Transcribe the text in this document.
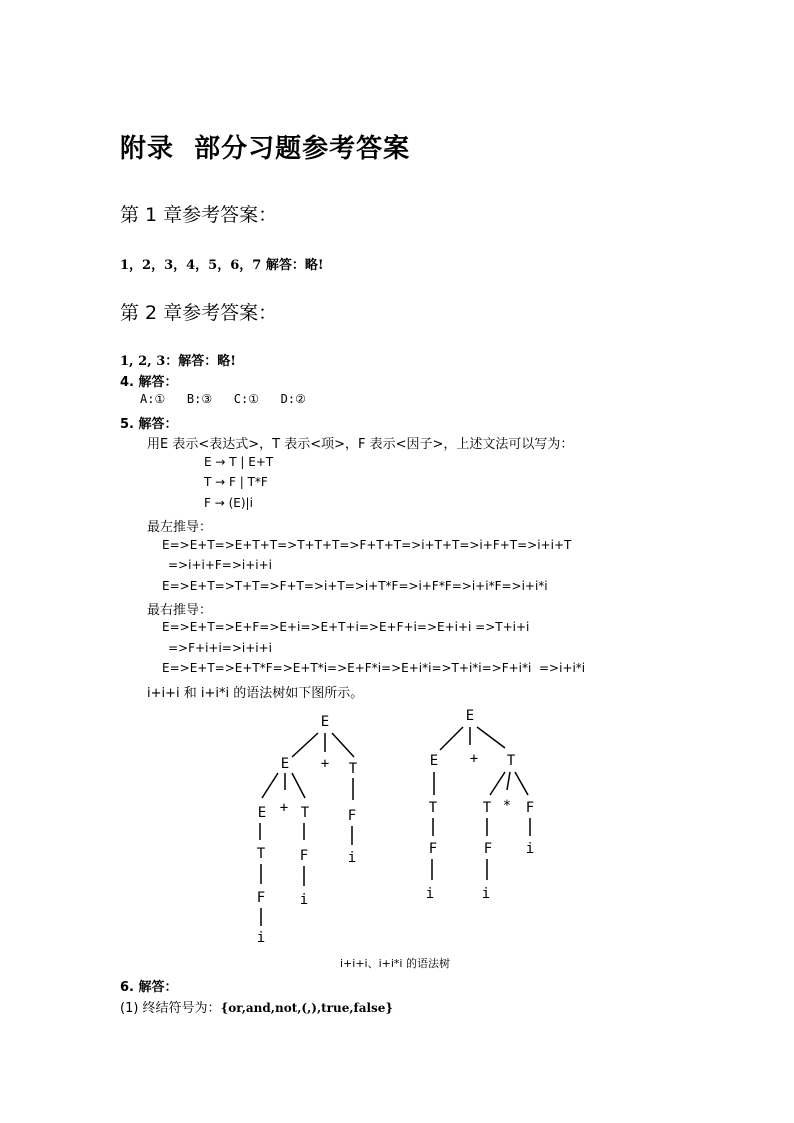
附录  部分习题参考答案
第 1 章参考答案：
1，2，3，4，5，6，7 解答：略!
第 2 章参考答案：
1, 2, 3：解答：略!
4. 解答：
A:①   B:③   C:①   D:②
5. 解答：
用E 表示<表达式>，T 表示<项>，F 表示<因子>，上述文法可以写为：
E → T | E+T
T → F | T*F
F → (E)|i
最左推导：
E=>E+T=>E+T+T=>T+T+T=>F+T+T=>i+T+T=>i+F+T=>i+i+T
=>i+i+F=>i+i+i
E=>E+T=>T+T=>F+T=>i+T=>i+T*F=>i+F*F=>i+i*F=>i+i*i
最右推导：
E=>E+T=>E+F=>E+i=>E+T+i=>E+F+i=>E+i+i =>T+i+i
=>F+i+i=>i+i+i
E=>E+T=>E+T*F=>E+T*i=>E+F*i=>E+i*i=>T+i*i=>F+i*i  =>i+i*i
i+i+i 和 i+i*i 的语法树如下图所示。
E
E + T
E + T	F
T F	i
F i
i
E
E + T
T	T * F
F	F i
i	i
i+i+i、i+i*i 的语法树
6. 解答：
(1) 终结符号为：{or,and,not,(,),true,false}
